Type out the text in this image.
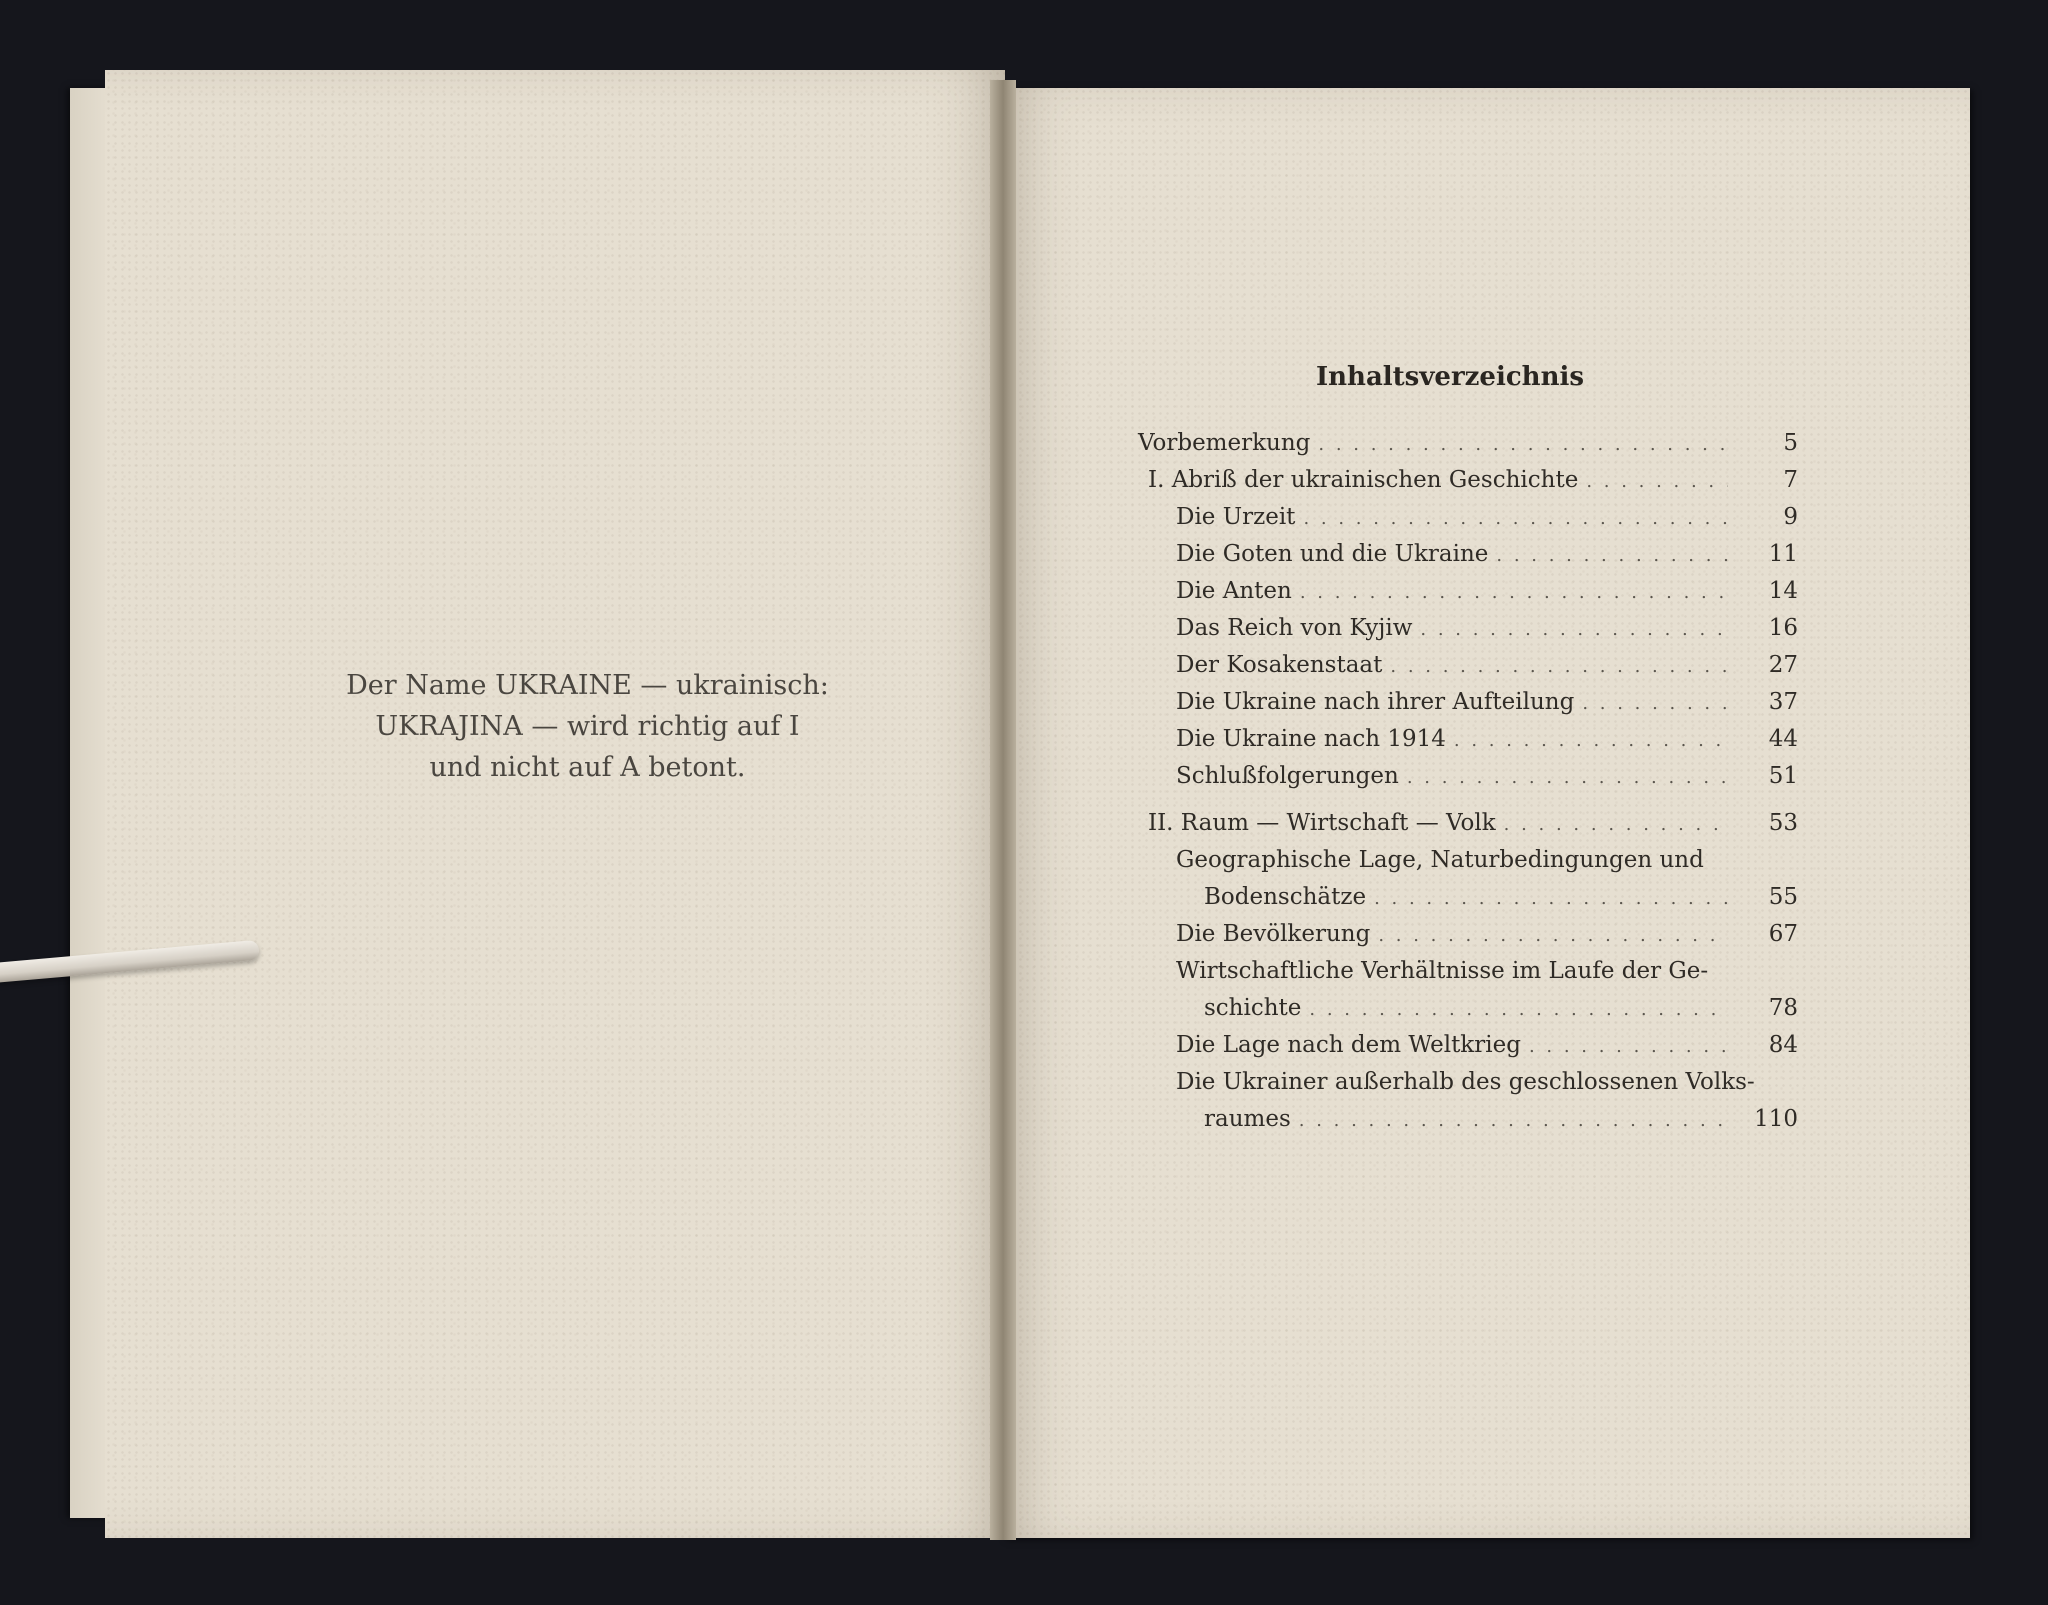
Der Name UKRAINE — ukrainisch:

UKRAJINA — wird richtig auf I

und nicht auf A betont.

Inhaltsverzeichnis
Vorbemerkung . . .	5
I. Abriß der ukrainischen Geschichte . . .	7
Die Urzeit . . .	9
Die Goten und die Ukraine . . .	11
Die Anten . . .	14
Das Reich von Kyjiw . . .	16
Der Kosakenstaat . . .	27
Die Ukraine nach ihrer Aufteilung . . .	37
Die Ukraine nach 1914 . . .	44
Schlußfolgerungen . . .	51
II. Raum — Wirtschaft — Volk . . .	53
Geographische Lage, Naturbedingungen und
Bodenschätze . . .	55
Die Bevölkerung . . .	67
Wirtschaftliche Verhältnisse im Laufe der Ge-
schichte . . .	78
Die Lage nach dem Weltkrieg . . .	84
Die Ukrainer außerhalb des geschlossenen Volks-
raumes . . .	110
